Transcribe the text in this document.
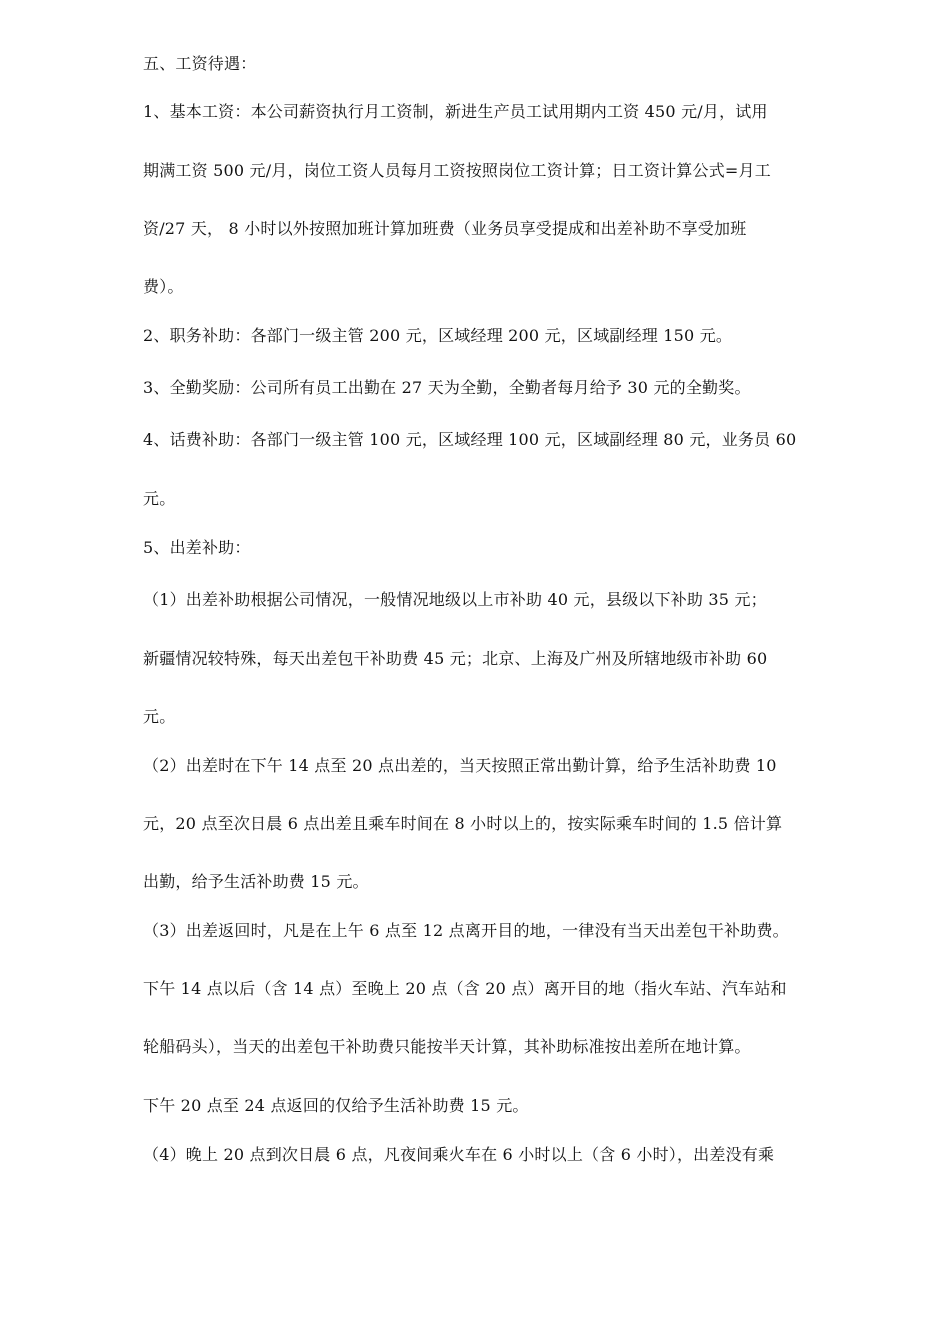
五、工资待遇：
1、基本工资：本公司薪资执行月工资制，新进生产员工试用期内工资 450 元/月，试用
期满工资 500 元/月，岗位工资人员每月工资按照岗位工资计算；日工资计算公式=月工
资/27 天， 8 小时以外按照加班计算加班费（业务员享受提成和出差补助不享受加班
费）。
2、职务补助：各部门一级主管 200 元，区域经理 200 元，区域副经理 150 元。
3、全勤奖励：公司所有员工出勤在 27 天为全勤，全勤者每月给予 30 元的全勤奖。
4、话费补助：各部门一级主管 100 元，区域经理 100 元，区域副经理 80 元，业务员 60
元。
5、出差补助：
（1）出差补助根据公司情况，一般情况地级以上市补助 40 元，县级以下补助 35 元；
新疆情况较特殊，每天出差包干补助费 45 元；北京、上海及广州及所辖地级市补助 60
元。
（2）出差时在下午 14 点至 20 点出差的，当天按照正常出勤计算，给予生活补助费 10
元，20 点至次日晨 6 点出差且乘车时间在 8 小时以上的，按实际乘车时间的 1.5 倍计算
出勤，给予生活补助费 15 元。
（3）出差返回时，凡是在上午 6 点至 12 点离开目的地，一律没有当天出差包干补助费。
下午 14 点以后（含 14 点）至晚上 20 点（含 20 点）离开目的地（指火车站、汽车站和
轮船码头），当天的出差包干补助费只能按半天计算，其补助标准按出差所在地计算。
下午 20 点至 24 点返回的仅给予生活补助费 15 元。
（4）晚上 20 点到次日晨 6 点，凡夜间乘火车在 6 小时以上（含 6 小时），出差没有乘
